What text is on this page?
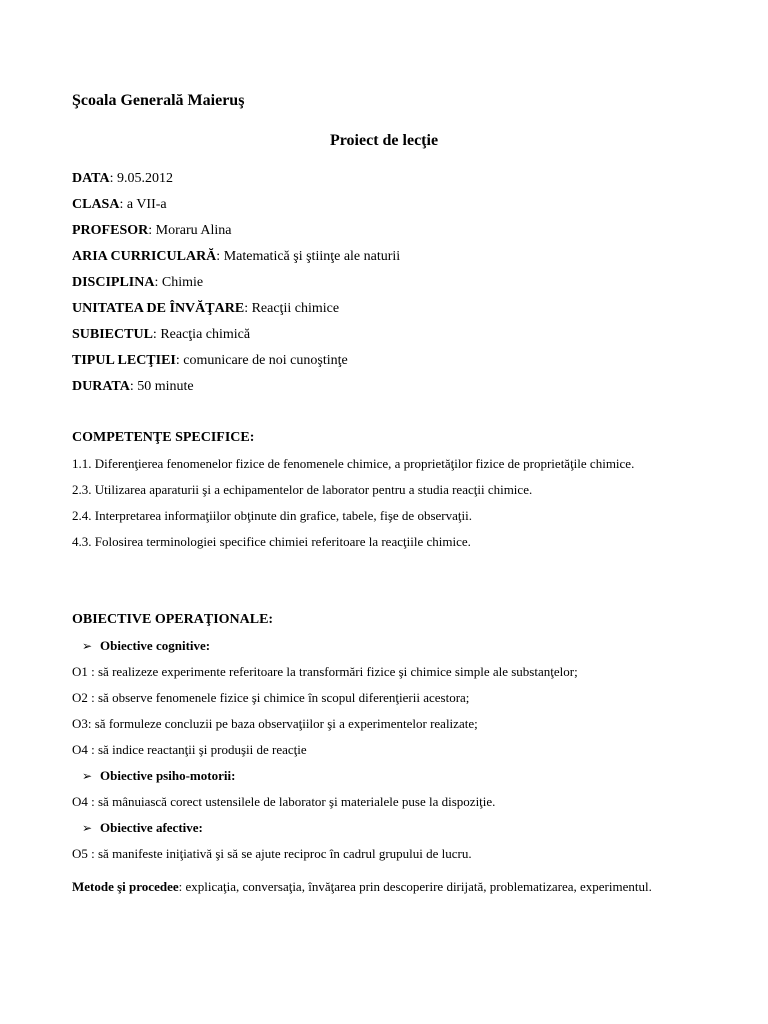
Şcoala Generală Maieruş
Proiect de lecţie
DATA: 9.05.2012
CLASA: a VII-a
PROFESOR: Moraru Alina
ARIA CURRICULARĂ: Matematică şi ştiinţe ale naturii
DISCIPLINA: Chimie
UNITATEA DE ÎNVĂŢARE: Reacţii chimice
SUBIECTUL: Reacţia chimică
TIPUL LECŢIEI: comunicare de noi cunoştinţe
DURATA: 50 minute
COMPETENŢE SPECIFICE:
1.1. Diferenţierea fenomenelor fizice de fenomenele chimice, a proprietăţilor fizice de proprietăţile chimice.
2.3. Utilizarea aparaturii şi a echipamentelor de laborator pentru a studia reacţii chimice.
2.4. Interpretarea informaţiilor obţinute din grafice, tabele, fişe de observaţii.
4.3. Folosirea terminologiei specifice chimiei referitoare la reacţiile chimice.
OBIECTIVE OPERAŢIONALE:
➢ Obiective cognitive:
O1 : să realizeze experimente referitoare la transformări fizice şi chimice simple ale substanţelor;
O2 : să observe fenomenele fizice şi chimice în scopul diferenţierii acestora;
O3: să formuleze concluzii pe baza observaţiilor şi a experimentelor realizate;
O4 : să indice reactanţii şi produşii de reacţie
➢ Obiective psiho-motorii:
O4 : să mânuiască corect ustensilele de laborator şi materialele puse la dispoziţie.
➢ Obiective afective:
O5 : să manifeste iniţiativă şi să se ajute reciproc în cadrul grupului de lucru.
Metode şi procedee: explicaţia, conversaţia, învăţarea prin descoperire dirijată, problematizarea, experimentul.
